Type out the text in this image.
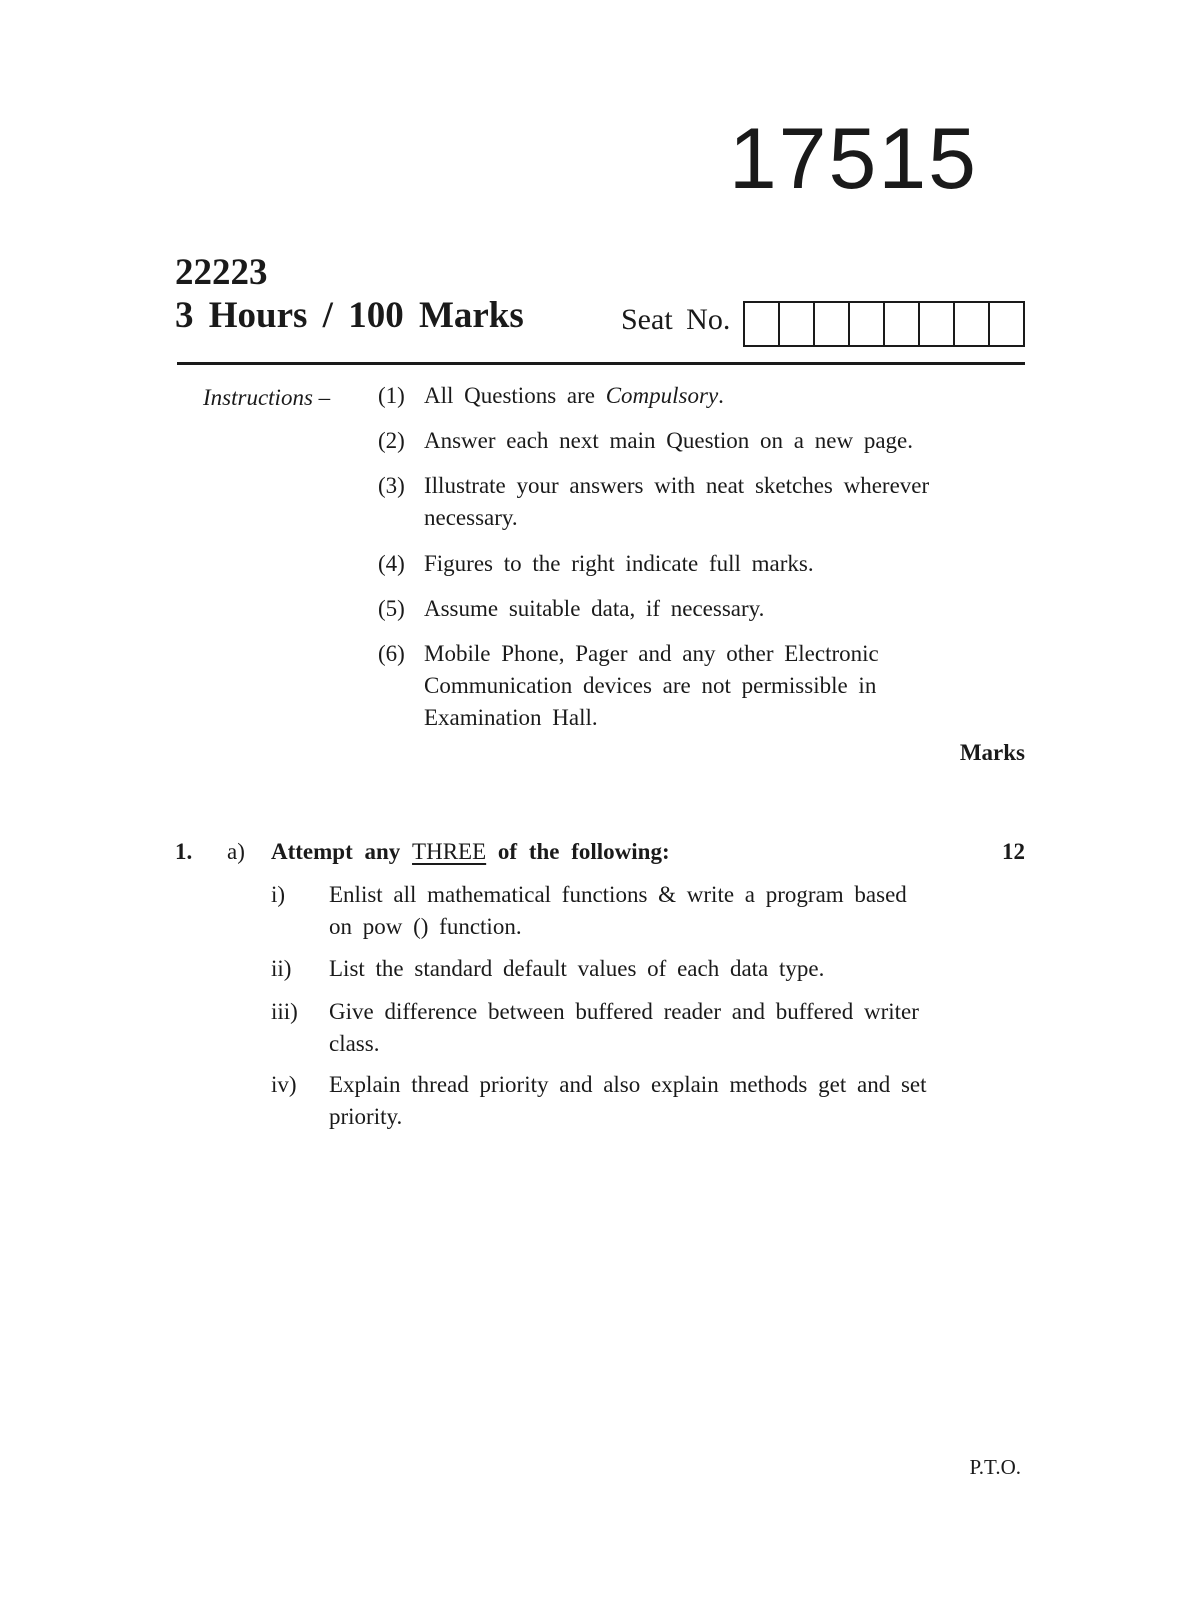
17515
22223
3 Hours / 100 Marks	Seat No.
Instructions – (1) All Questions are Compulsory.
(2) Answer each next main Question on a new page.
(3) Illustrate your answers with neat sketches wherever necessary.
(4) Figures to the right indicate full marks.
(5) Assume suitable data, if necessary.
(6) Mobile Phone, Pager and any other Electronic Communication devices are not permissible in Examination Hall.
Marks
1. a) Attempt any THREE of the following:	12
i) Enlist all mathematical functions & write a program based on pow () function.
ii) List the standard default values of each data type.
iii) Give difference between buffered reader and buffered writer class.
iv) Explain thread priority and also explain methods get and set priority.
P.T.O.
